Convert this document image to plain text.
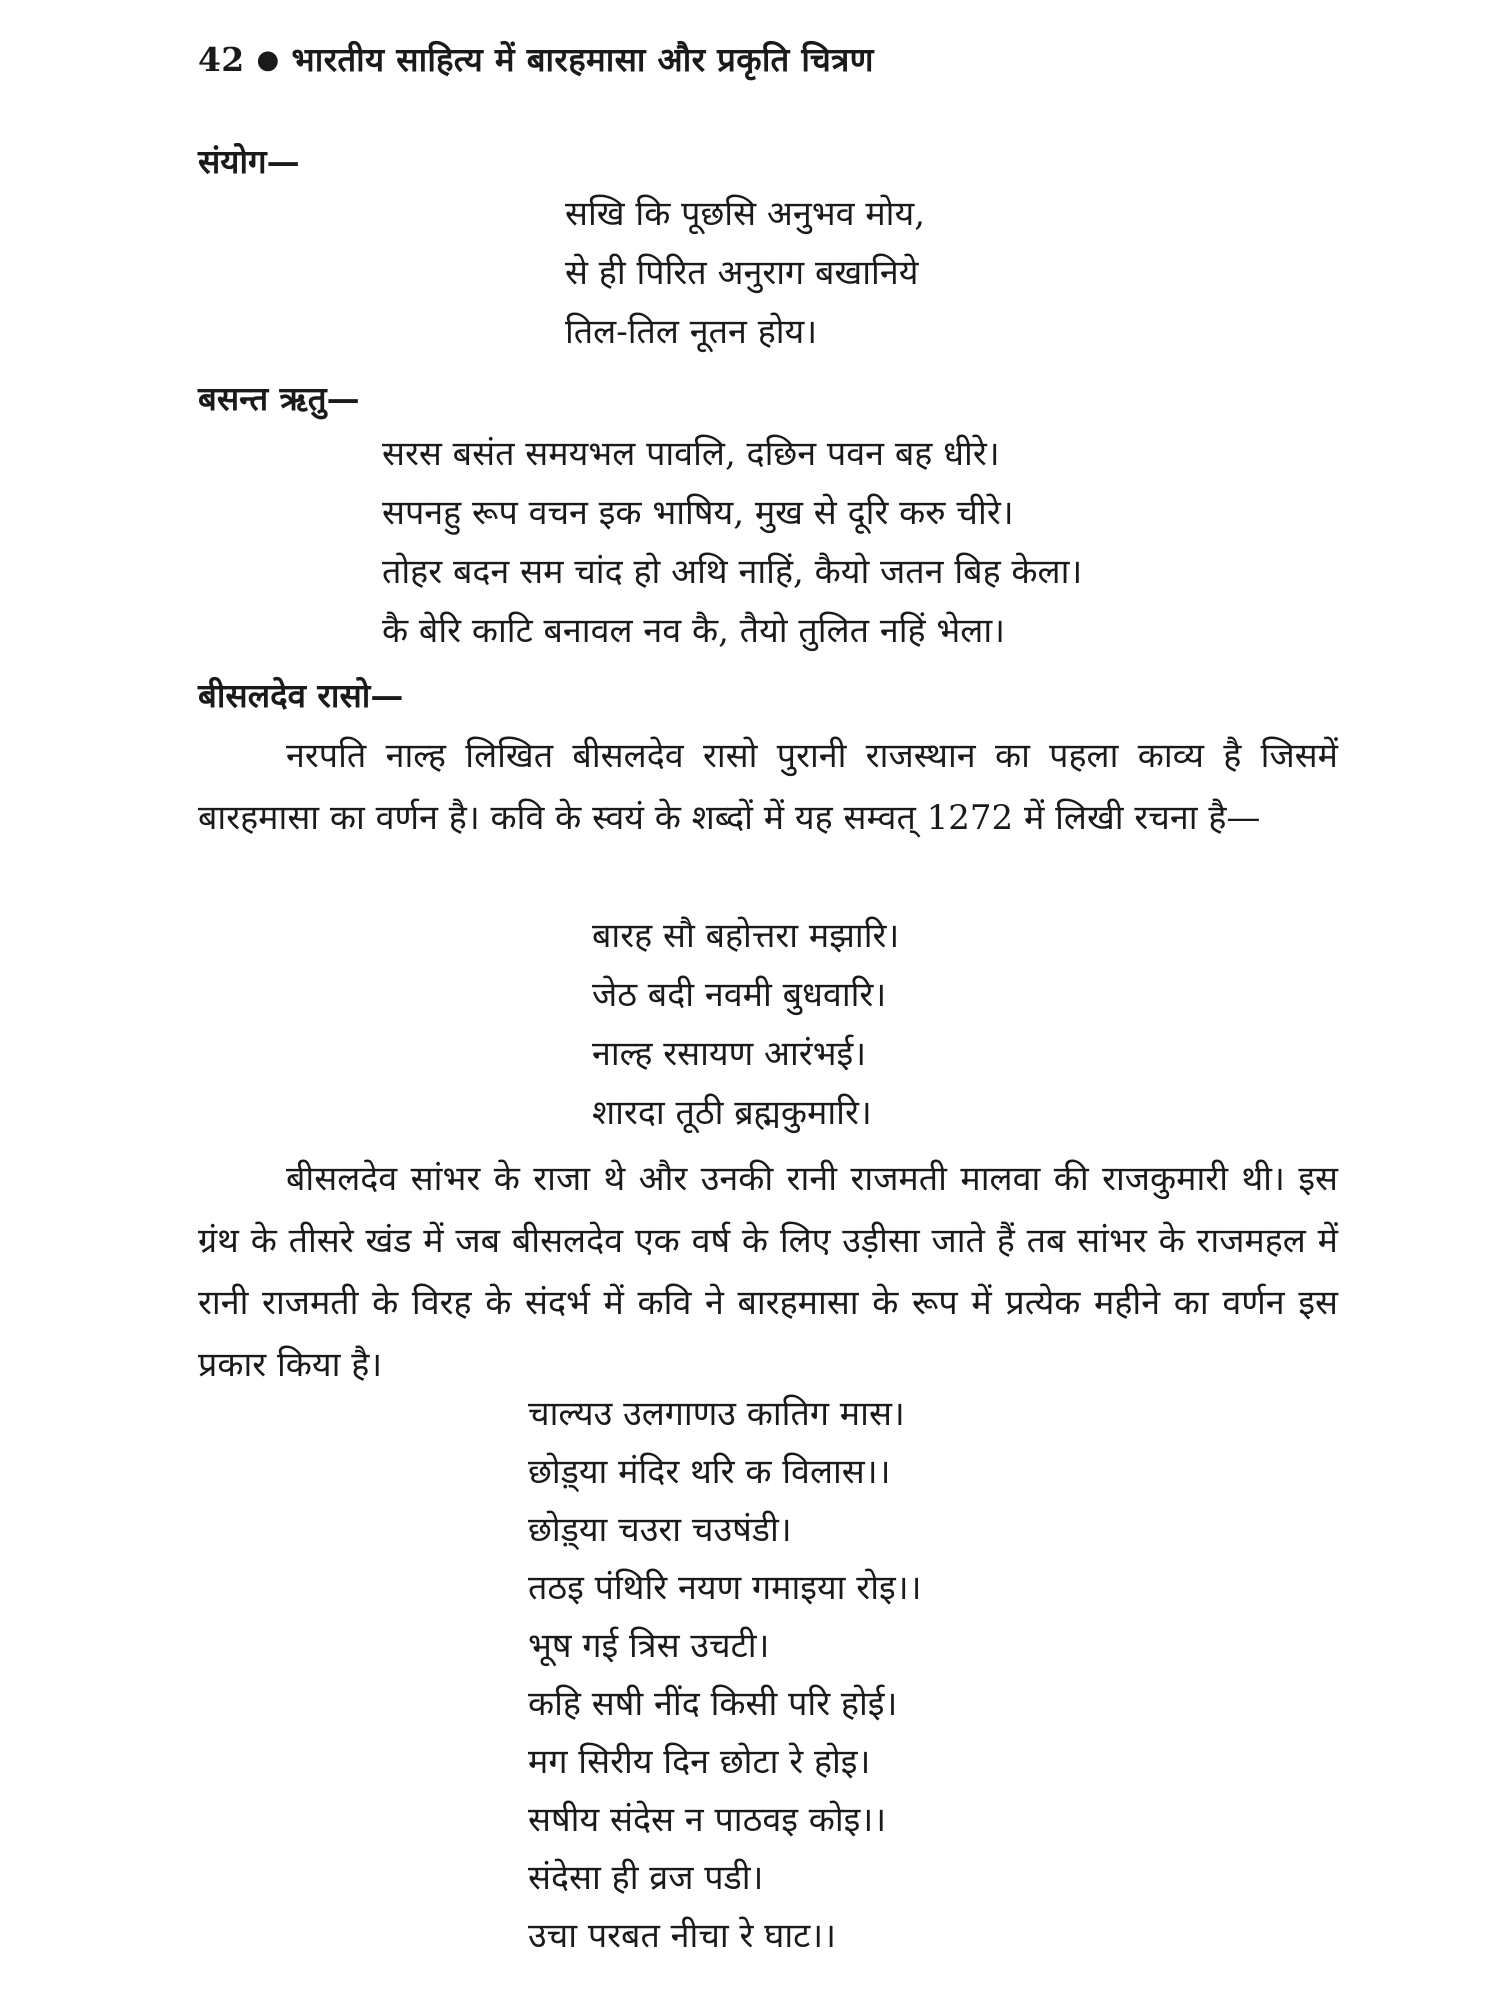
42 ● भारतीय साहित्य में बारहमासा और प्रकृति चित्रण
संयोग—
सखि कि पूछसि अनुभव मोय,
से ही पिरित अनुराग बखानिये
तिल-तिल नूतन होय।
बसन्त ऋतु—
सरस बसंत समयभल पावलि, दछिन पवन बह धीरे।
सपनहु रूप वचन इक भाषिय, मुख से दूरि करु चीरे।
तोहर बदन सम चांद हो अथि नाहिं, कैयो जतन बिह केला।
कै बेरि काटि बनावल नव कै, तैयो तुलित नहिं भेला।
बीसलदेव रासो—
नरपति नाल्ह लिखित बीसलदेव रासो पुरानी राजस्थान का पहला काव्य है जिसमें बारहमासा का वर्णन है। कवि के स्वयं के शब्दों में यह सम्वत् 1272 में लिखी रचना है—
बारह सौ बहोत्तरा मझारि।
जेठ बदी नवमी बुधवारि।
नाल्ह रसायण आरंभई।
शारदा तूठी ब्रह्मकुमारि।
बीसलदेव सांभर के राजा थे और उनकी रानी राजमती मालवा की राजकुमारी थी। इस ग्रंथ के तीसरे खंड में जब बीसलदेव एक वर्ष के लिए उड़ीसा जाते हैं तब सांभर के राजमहल में रानी राजमती के विरह के संदर्भ में कवि ने बारहमासा के रूप में प्रत्येक महीने का वर्णन इस प्रकार किया है।
चाल्यउ उलगाणउ कातिग मास।
छोड़्या मंदिर थरि क विलास।।
छोड़्या चउरा चउषंडी।
तठइ पंथिरि नयण गमाइया रोइ।।
भूष गई त्रिस उचटी।
कहि सषी नींद किसी परि होई।
मग सिरीय दिन छोटा रे होइ।
सषीय संदेस न पाठवइ कोइ।।
संदेसा ही व्रज पडी।
उचा परबत नीचा रे घाट।।
